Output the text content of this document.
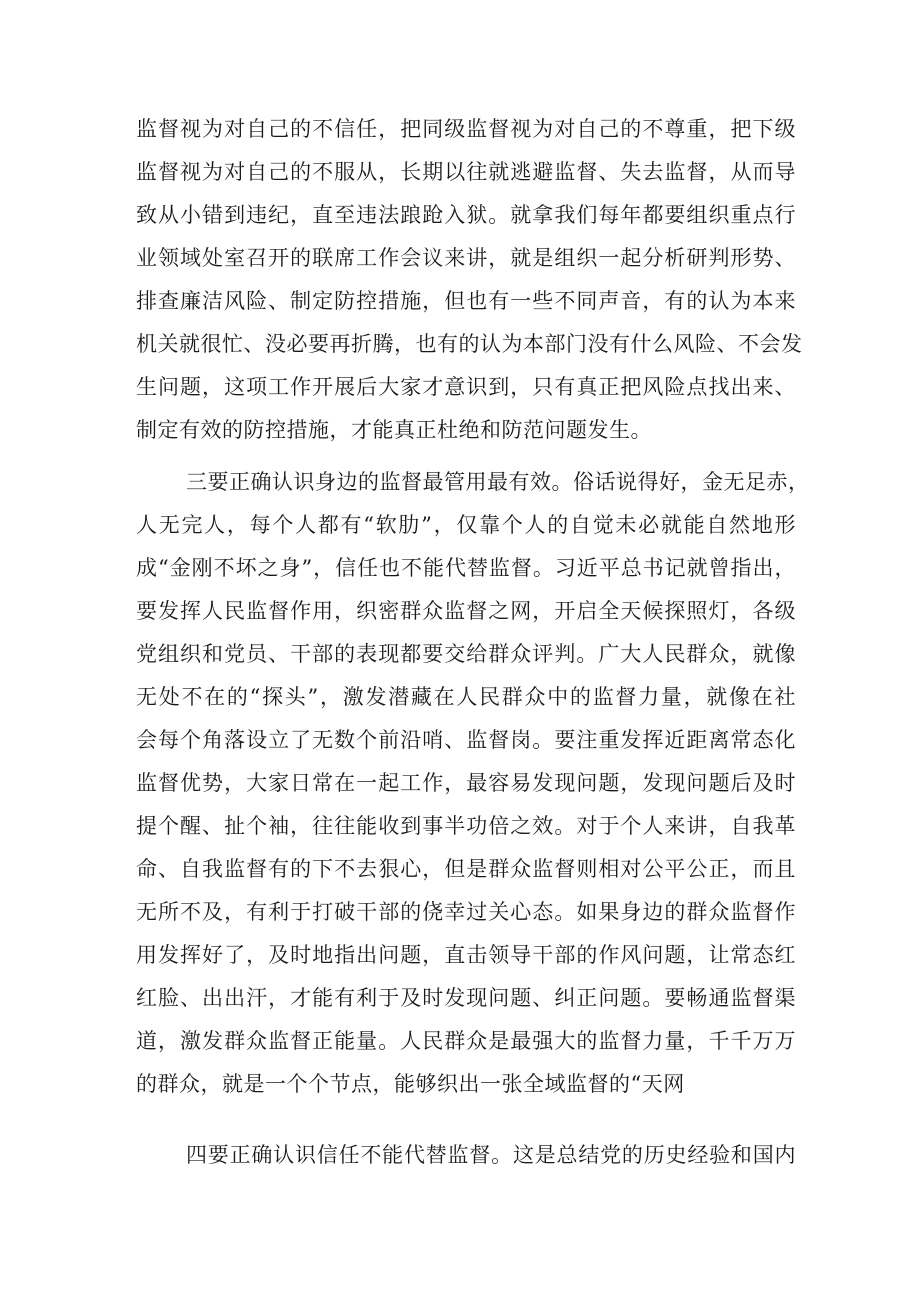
监督视为对自己的不信任，把同级监督视为对自己的不尊重，把下级
监督视为对自己的不服从，长期以往就逃避监督、失去监督，从而导
致从小错到违纪，直至违法踉跄入狱。就拿我们每年都要组织重点行
业领域处室召开的联席工作会议来讲，就是组织一起分析研判形势、
排查廉洁风险、制定防控措施，但也有一些不同声音，有的认为本来
机关就很忙、没必要再折腾，也有的认为本部门没有什么风险、不会发
生问题，这项工作开展后大家才意识到，只有真正把风险点找出来、
制定有效的防控措施，才能真正杜绝和防范问题发生。
三要正确认识身边的监督最管用最有效。俗话说得好，金无足赤，
人无完人，每个人都有“软肋”，仅靠个人的自觉未必就能自然地形
成“金刚不坏之身”，信任也不能代替监督。习近平总书记就曾指出，
要发挥人民监督作用，织密群众监督之网，开启全天候探照灯，各级
党组织和党员、干部的表现都要交给群众评判。广大人民群众，就像
无处不在的“探头”，激发潜藏在人民群众中的监督力量，就像在社
会每个角落设立了无数个前沿哨、监督岗。要注重发挥近距离常态化
监督优势，大家日常在一起工作，最容易发现问题，发现问题后及时
提个醒、扯个袖，往往能收到事半功倍之效。对于个人来讲，自我革
命、自我监督有的下不去狠心，但是群众监督则相对公平公正，而且
无所不及，有利于打破干部的侥幸过关心态。如果身边的群众监督作
用发挥好了，及时地指出问题，直击领导干部的作风问题，让常态红
红脸、出出汗，才能有利于及时发现问题、纠正问题。要畅通监督渠
道，激发群众监督正能量。人民群众是最强大的监督力量，千千万万
的群众，就是一个个节点，能够织出一张全域监督的“天网
四要正确认识信任不能代替监督。这是总结党的历史经验和国内
